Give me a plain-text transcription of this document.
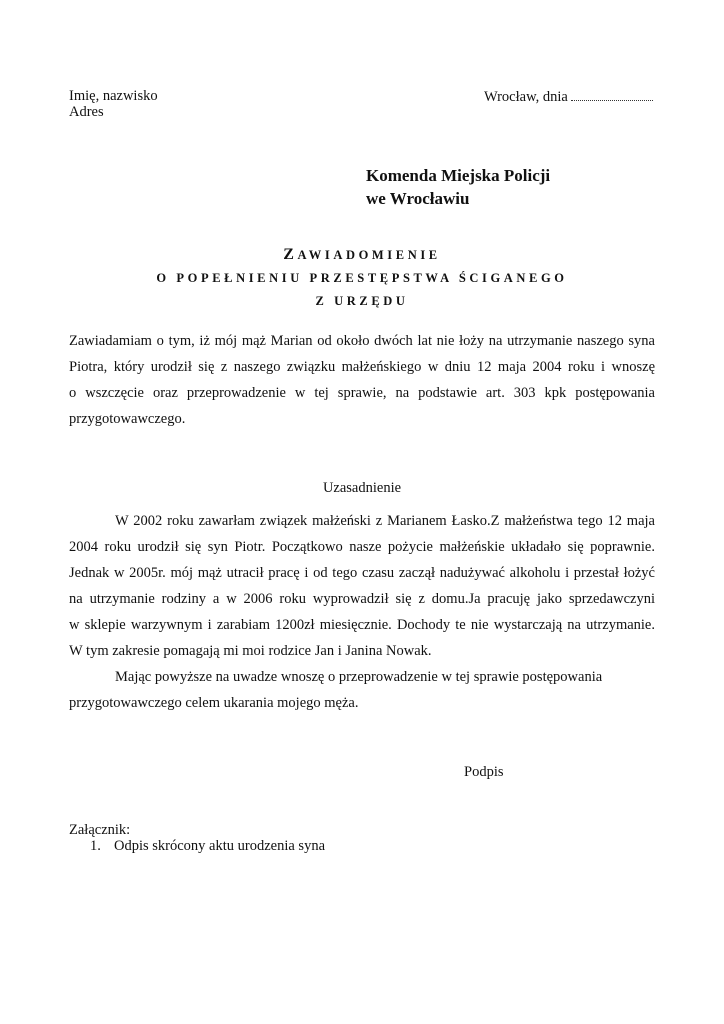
Imię, nazwisko
Adres
Wrocław, dnia
Komenda Miejska Policji
we Wrocławiu
ZAWIADOMIENIE
O POPEŁNIENIU PRZESTĘPSTWA ŚCIGANEGO
Z URZĘDU
Zawiadamiam o tym, iż mój mąż Marian od około dwóch lat nie łoży na utrzymanie naszego syna
Piotra, który urodził się z naszego związku małżeńskiego w dniu 12 maja 2004 roku i wnoszę
o wszczęcie oraz przeprowadzenie w tej sprawie, na podstawie art. 303 kpk postępowania
przygotowawczego.
Uzasadnienie
W 2002 roku zawarłam związek małżeński z Marianem Łasko.Z małżeństwa tego 12 maja
2004 roku urodził się syn Piotr. Początkowo nasze pożycie małżeńskie układało się poprawnie.
Jednak w 2005r. mój mąż utracił pracę i od tego czasu zaczął nadużywać alkoholu i przestał łożyć
na utrzymanie rodziny a w 2006 roku wyprowadził się z domu.Ja pracuję jako sprzedawczyni
w sklepie warzywnym i zarabiam 1200zł miesięcznie. Dochody te nie wystarczają na utrzymanie.
W tym zakresie pomagają mi moi rodzice Jan i Janina Nowak.
Mając powyższe na uwadze wnoszę o przeprowadzenie w tej sprawie postępowania
przygotowawczego celem ukarania mojego męża.
Podpis
Załącznik:
1. Odpis skrócony aktu urodzenia syna
